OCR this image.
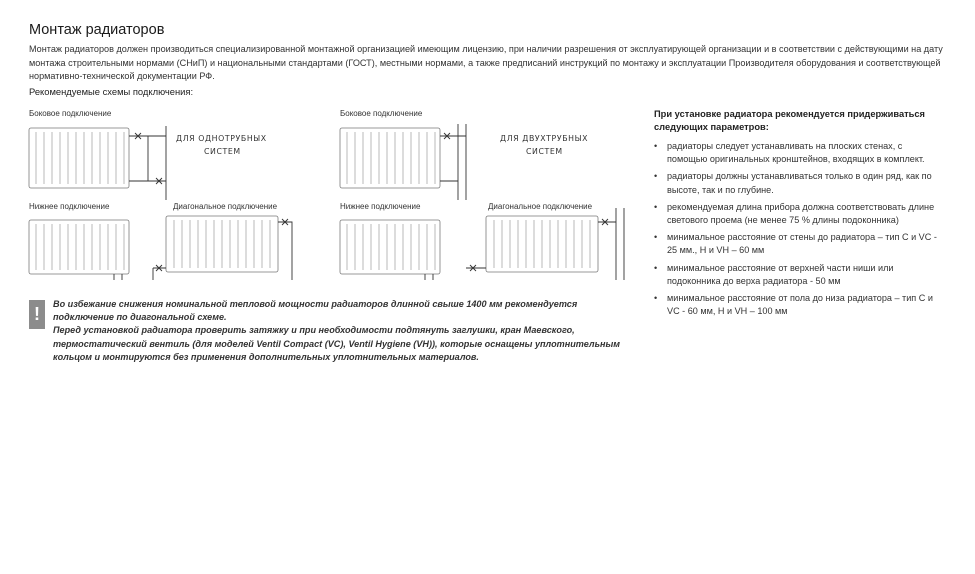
Монтаж радиаторов

Монтаж радиаторов должен производиться специализированной монтажной организацией имеющим лицензию, при наличии разрешения от эксплуатирующей организации и в соответствии с действующими на дату монтажа строительными нормами (СНиП) и национальными стандартами (ГОСТ), местными нормами, а также предписаний инструкций по монтажу и эксплуатации Производителя оборудования и соответствующей нормативно-технической документации РФ.

Рекомендуемые схемы подключения:
Боковое подключение	Боковое подключение
ДЛЯ ОДНОТРУБНЫХ
СИСТЕМ
ДЛЯ ДВУХТРУБНЫХ
СИСТЕМ
Нижнее подключение	Диагональное подключение	Нижнее подключение	Диагональное подключение
!	Во избежание снижения номинальной тепловой мощности радиаторов длинной свыше 1400 мм рекомендуется подключение по диагональной схеме.

Перед установкой радиатора проверить затяжку и при необходимости подтянуть заглушки, кран Маевского, термостатический вентиль (для моделей Ventil Compact (VC), Ventil Hygiene (VH)), которые оснащены уплотнительным кольцом и монтируются без применения дополнительных уплотнительных материалов.

При установке радиатора рекомендуется придерживаться следующих параметров:

• радиаторы следует устанавливать на плоских стенах, с помощью оригинальных кронштейнов, входящих в комплект.
• радиаторы должны устанавливаться только в один ряд, как по высоте, так и по глубине.
• рекомендуемая длина прибора должна соответствовать длине светового проема (не менее 75 % длины подоконника)
• минимальное расстояние от стены до радиатора – тип C и VC - 25 мм., H и VH – 60 мм
• минимальное расстояние от верхней части ниши или подоконника до верха радиатора - 50 мм
• минимальное расстояние от пола до низа радиатора – тип C и VC - 60 мм, H и VH – 100 мм
